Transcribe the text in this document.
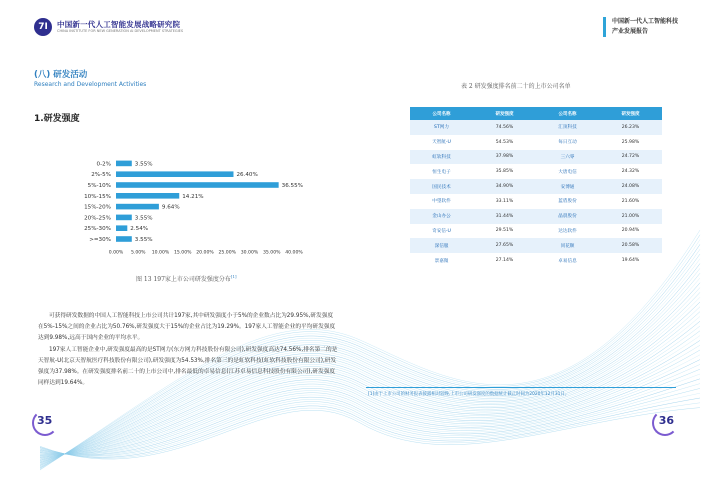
7I	中国新一代人工智能发展战略研究院
CHINA INSTITUTE FOR NEW GENERATION AI DEVELOPMENT STRATEGIES
中国新一代人工智能科技
产业发展报告
(八) 研发活动
Research and Development Activities
1.研发强度
0-2%	3.55%
2%-5%	26.40%
5%-10%	36.55%
10%-15%	14.21%
15%-20%	9.64%
20%-25%	3.55%
25%-30%	2.54%
>=30%	3.55%
0.00% 5.00% 10.00% 15.00% 20.00% 25.00% 30.00% 35.00% 40.00%
图 13 197家上市公司研发强度分布[1]

可获得研发数据的中国人工智能科技上市公司共计197家,其中研发强度小于5%的企业数占比为29.95%,研发强度在5%-15%之间的企业占比为50.76%,研发强度大于15%的企业占比为19.29%。197家人工智能企业的平均研发强度达到9.98%,远高于国内企业的平均水平。

197家人工智能企业中,研发强度最高的是ST网力(东方网力科技股份有限公司),研发强度高达74.56%,排名第二的是天智航-U(北京天智航医疗科技股份有限公司),研发强度为54.53%,排名第三的是虹软科技(虹软科技股份有限公司),研发强度为37.98%。在研发强度排名前二十的上市公司中,排名最低的卓易信息(江苏卓易信息科技股份有限公司),研发强度同样达到19.64%。

表 2 研发强度排名前二十的上市公司名单
公司名称	研发强度	公司名称	研发强度
ST网力	74.56%	汇顶科技	26.23%
天智航-U	54.53%	每日互动	25.98%
虹软科技	37.98%	三六零	24.72%
恒生电子	35.85%	大唐电信	24.32%
国民技术	34.90%	安博通	24.08%
中望软件	33.11%	蓝盾股份	21.60%
金山办公	31.44%	晶晨股份	21.00%
奇安信-U	29.51%	达达软件	20.94%
深信服	27.65%	同花顺	20.58%
景嘉微	27.14%	卓易信息	19.64%
[1]由于上市公司的财务报表披露相对较晚,上市公司研发强度的数据统计截止时间为2020年12月31日。
35	36
